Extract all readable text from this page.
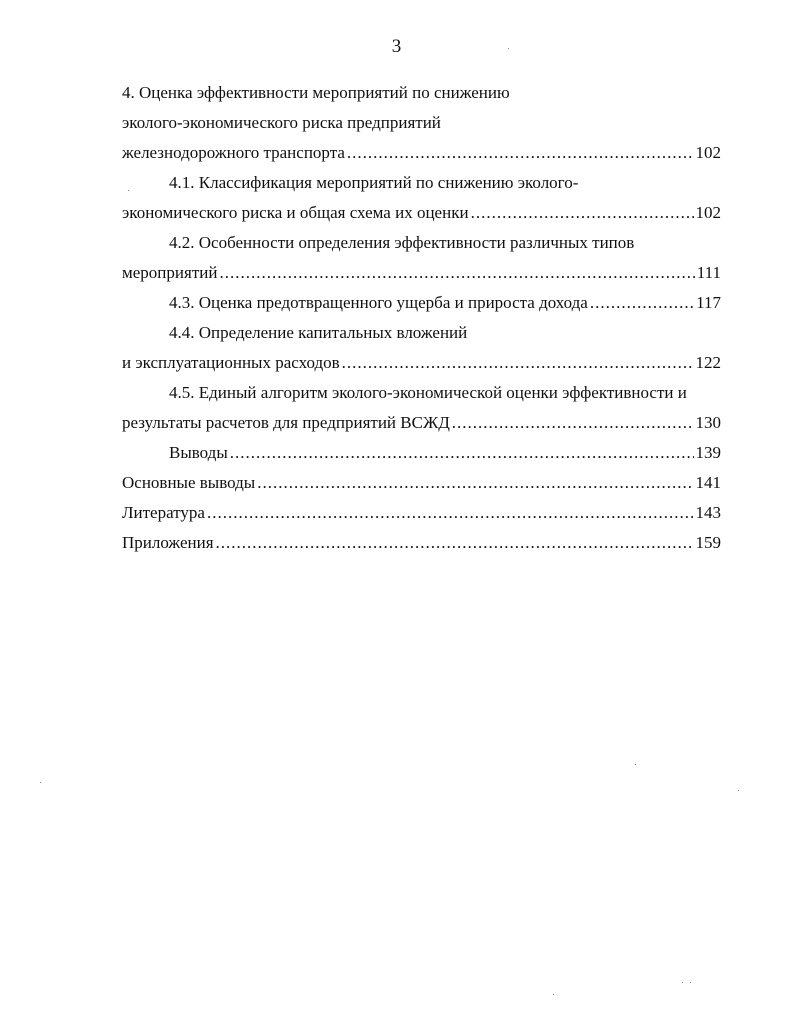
3
4. Оценка эффективности мероприятий по снижению
эколого-экономического риска предприятий
железнодорожного транспорта .....	102
4.1. Классификация мероприятий по снижению эколого-
экономического риска и общая схема их оценки .....	102
4.2. Особенности определения эффективности различных типов
мероприятий .....	111
4.3. Оценка предотвращенного ущерба и прироста дохода .....	117
4.4. Определение капитальных вложений
и эксплуатационных расходов .....	122
4.5. Единый алгоритм эколого-экономической оценки эффективности и
результаты расчетов для предприятий ВСЖД .....	130
Выводы .....	139
Основные выводы .....	141
Литература .....	143
Приложения .....	159
